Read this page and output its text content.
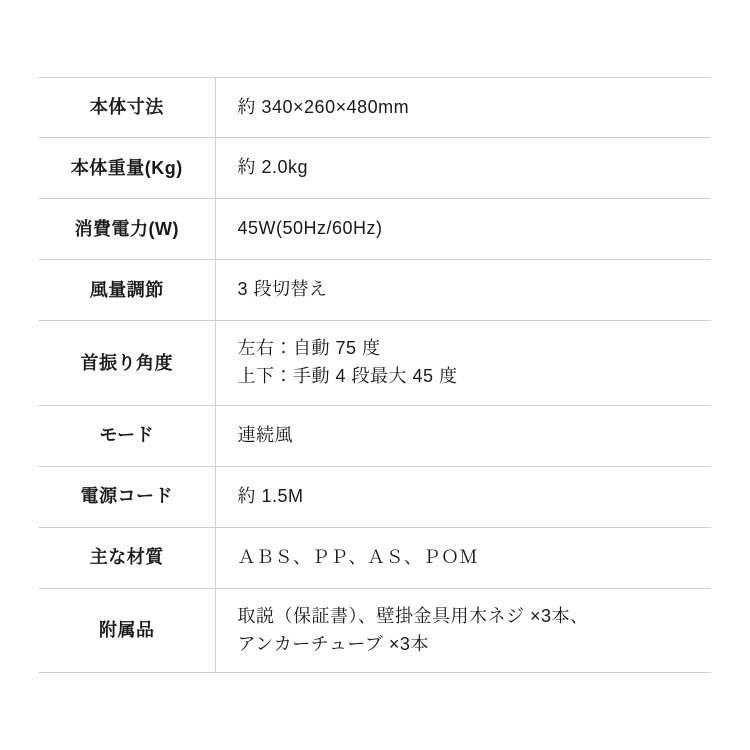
本体寸法	約 340×260×480mm

本体重量(Kg)	約 2.0kg

消費電力(W)	45W(50Hz/60Hz)

風量調節	3 段切替え

首振り角度	左右：自動 75 度
上下：手動 4 段最大 45 度

モード	連続風

電源コード	約 1.5M

主な材質	ＡＢＳ、ＰＰ、ＡＳ、ＰＯＭ

附属品	取説（保証書）、壁掛金具用木ネジ ×3本、
アンカーチューブ ×3本
